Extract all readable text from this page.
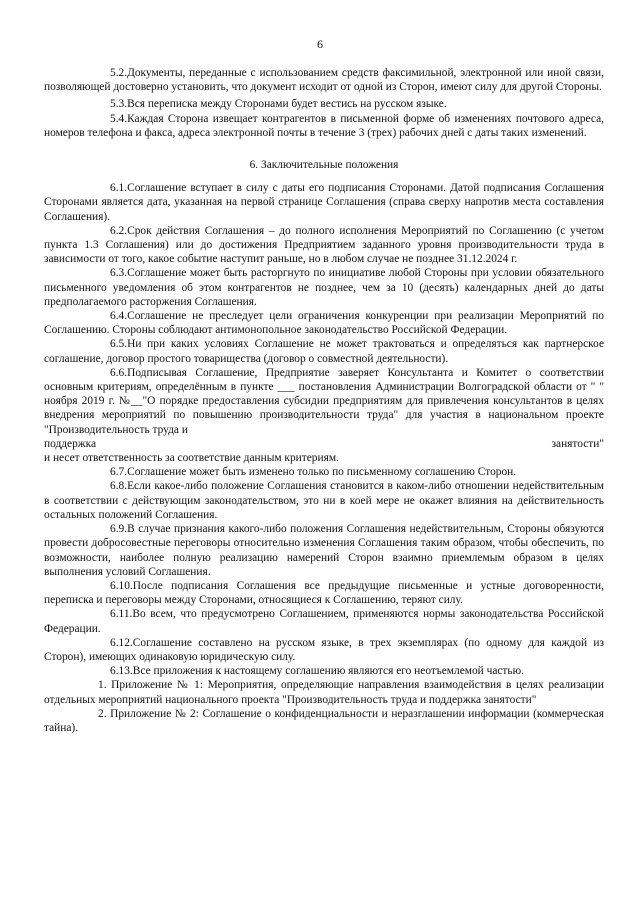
6

5.2.Документы, переданные с использованием средств факсимильной, электронной или иной связи, позволяющей достоверно установить, что документ исходит от одной из Сторон, имеют силу для другой Стороны.

5.3.Вся переписка между Сторонами будет вестись на русском языке.

5.4.Каждая Сторона извещает контрагентов в письменной форме об изменениях почтового адреса, номеров телефона и факса, адреса электронной почты в течение 3 (трех) рабочих дней с даты таких изменений.

6. Заключительные положения

6.1.Соглашение вступает в силу с даты его подписания Сторонами. Датой подписания Соглашения Сторонами является дата, указанная на первой странице Соглашения (справа сверху напротив места составления Соглашения).

6.2.Срок действия Соглашения – до полного исполнения Мероприятий по Соглашению (с учетом пункта 1.3 Соглашения) или до достижения Предприятием заданного уровня производительности труда в зависимости от того, какое событие наступит раньше, но в любом случае не позднее 31.12.2024 г.

6.3.Соглашение может быть расторгнуто по инициативе любой Стороны при условии обязательного письменного уведомления об этом контрагентов не позднее, чем за 10 (десять) календарных дней до даты предполагаемого расторжения Соглашения.

6.4.Соглашение не преследует цели ограничения конкуренции при реализации Мероприятий по Соглашению. Стороны соблюдают антимонопольное законодательство Российской Федерации.

6.5.Ни при каких условиях Соглашение не может трактоваться и определяться как партнерское соглашение, договор простого товарищества (договор о совместной деятельности).

6.6.Подписывая Соглашение, Предприятие заверяет Консультанта и Комитет о соответствии основным критериям, определённым в пункте ___ постановления Администрации Волгоградской области от " " ноября 2019 г. №__"О порядке предоставления субсидии предприятиям для привлечения консультантов в целях внедрения мероприятий по повышению производительности труда" для участия в национальном проекте "Производительность труда и

поддержка	занятости"

и несет ответственность за соответствие данным критериям.

6.7.Соглашение может быть изменено только по письменному соглашению Сторон.

6.8.Если какое-либо положение Соглашения становится в каком-либо отношении недействительным в соответствии с действующим законодательством, это ни в коей мере не окажет влияния на действительность остальных положений Соглашения.

6.9.В случае признания какого-либо положения Соглашения недействительным, Стороны обязуются провести добросовестные переговоры относительно изменения Соглашения таким образом, чтобы обеспечить, по возможности, наиболее полную реализацию намерений Сторон взаимно приемлемым образом в целях выполнения условий Соглашения.

6.10.После подписания Соглашения все предыдущие письменные и устные договоренности, переписка и переговоры между Сторонами, относящиеся к Соглашению, теряют силу.

6.11.Во всем, что предусмотрено Соглашением, применяются нормы законодательства Российской Федерации.

6.12.Соглашение составлено на русском языке, в трех экземплярах (по одному для каждой из Сторон), имеющих одинаковую юридическую силу.

6.13.Все приложения к настоящему соглашению являются его неотъемлемой частью.

1. Приложение № 1: Мероприятия, определяющие направления взаимодействия в целях реализации отдельных мероприятий национального проекта "Производительность труда и поддержка занятости"

2. Приложение № 2: Соглашение о конфиденциальности и неразглашении информации (коммерческая тайна).
